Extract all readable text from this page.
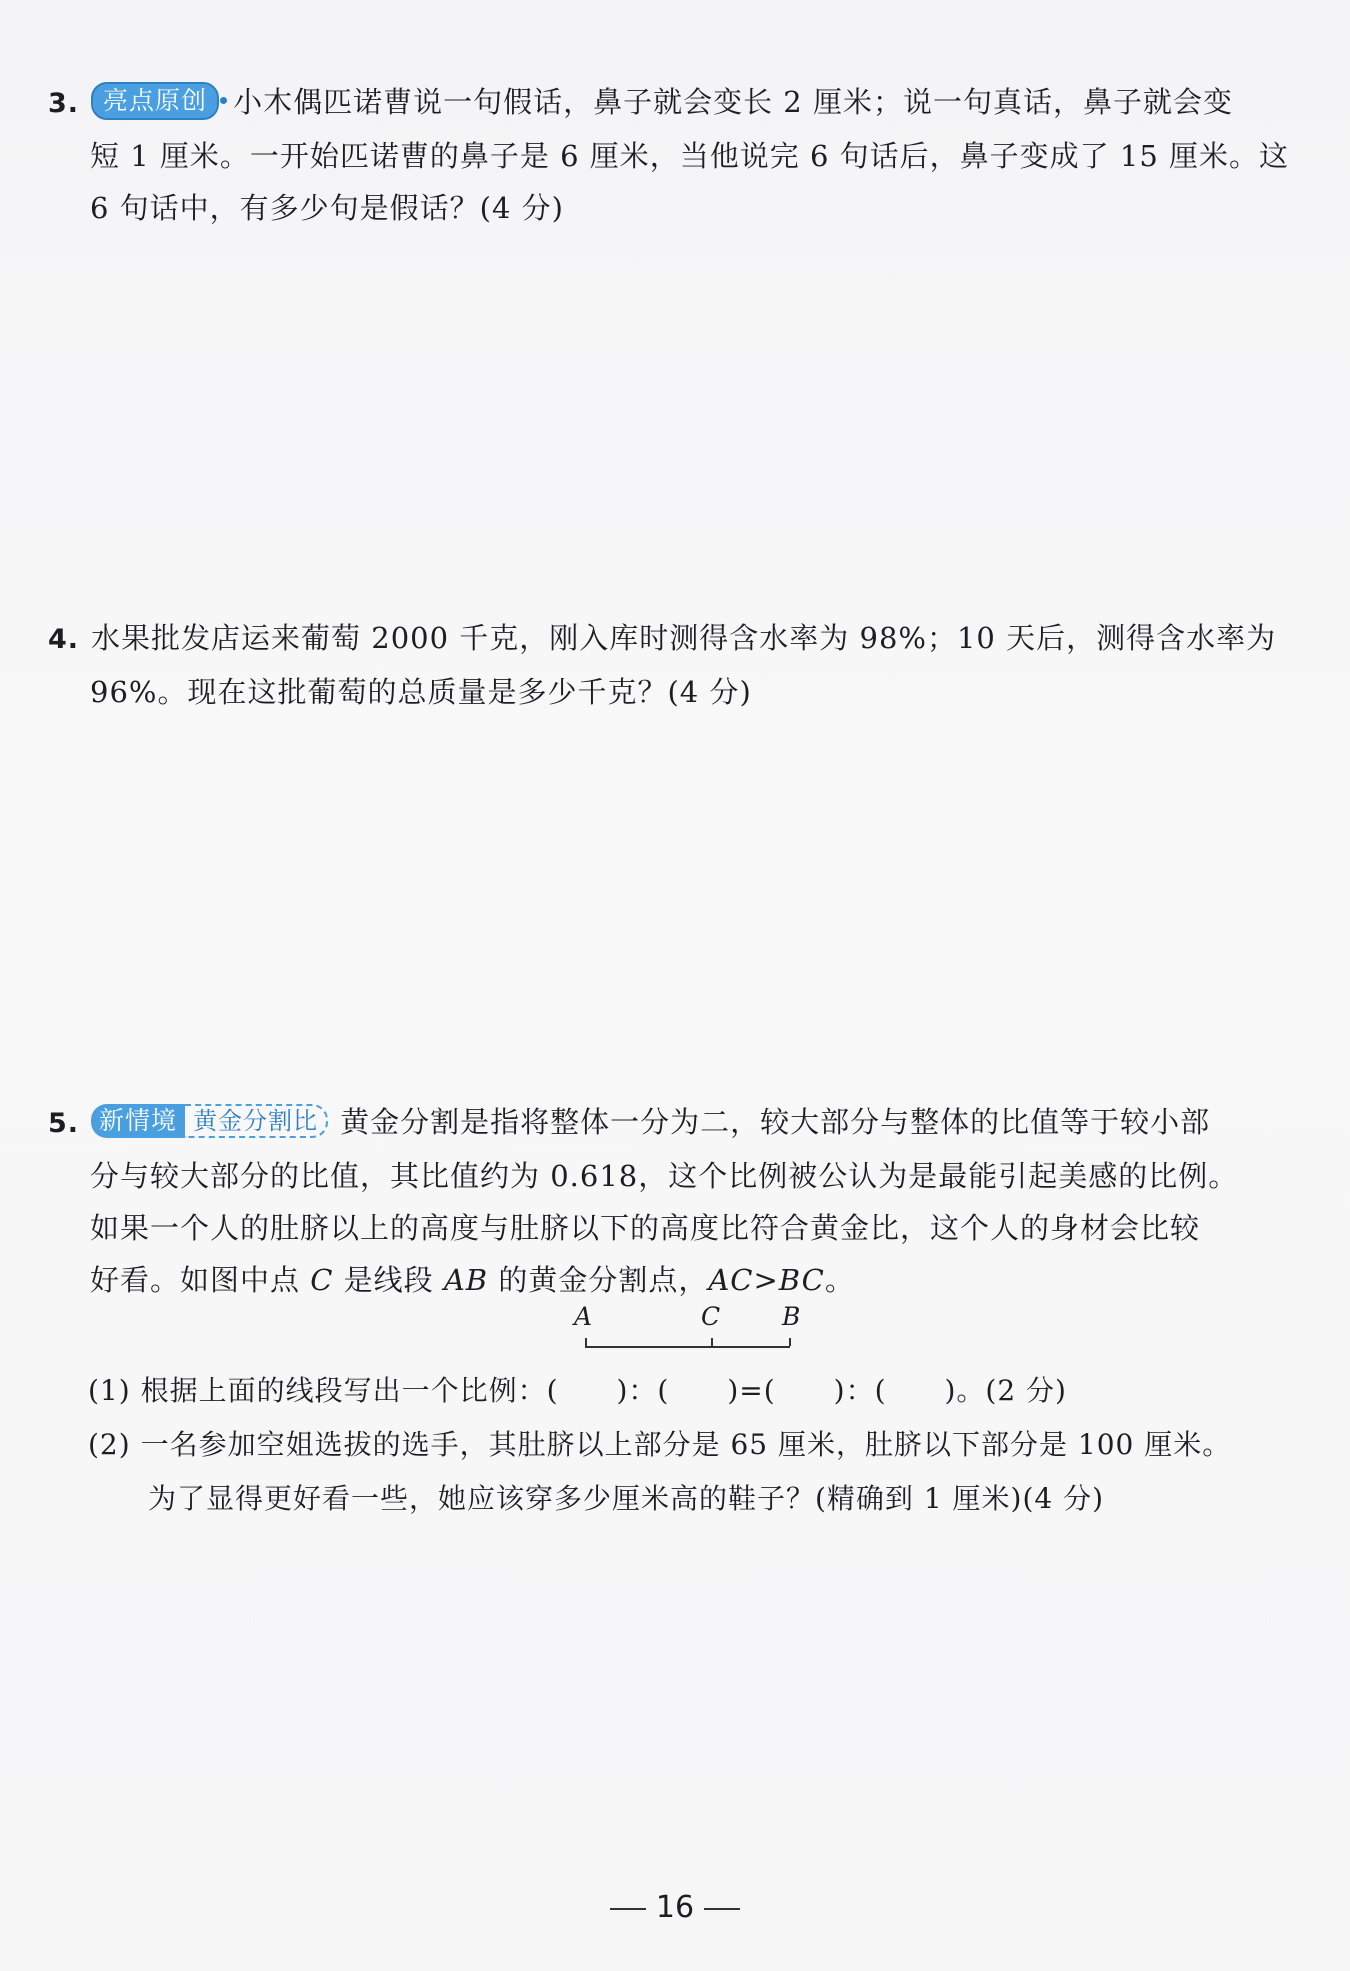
3. 亮点原创 小木偶匹诺曹说一句假话，鼻子就会变长 2 厘米；说一句真话，鼻子就会变

短 1 厘米。一开始匹诺曹的鼻子是 6 厘米，当他说完 6 句话后，鼻子变成了 15 厘米。这

6 句话中，有多少句是假话？(4 分)

4. 水果批发店运来葡萄 2000 千克，刚入库时测得含水率为 98%；10 天后，测得含水率为

96%。现在这批葡萄的总质量是多少千克？(4 分)

5. 新情境 黄金分割比 黄金分割是指将整体一分为二，较大部分与整体的比值等于较小部

分与较大部分的比值，其比值约为 0.618，这个比例被公认为是最能引起美感的比例。

如果一个人的肚脐以上的高度与肚脐以下的高度比符合黄金比，这个人的身材会比较

好看。如图中点 C 是线段 AB 的黄金分割点，AC>BC。

A	C B

(1) 根据上面的线段写出一个比例：(　　)：(　　)=(　　)：(　　)。(2 分)

(2) 一名参加空姐选拔的选手，其肚脐以上部分是 65 厘米，肚脐以下部分是 100 厘米。

为了显得更好看一些，她应该穿多少厘米高的鞋子？(精确到 1 厘米)(4 分)

16
